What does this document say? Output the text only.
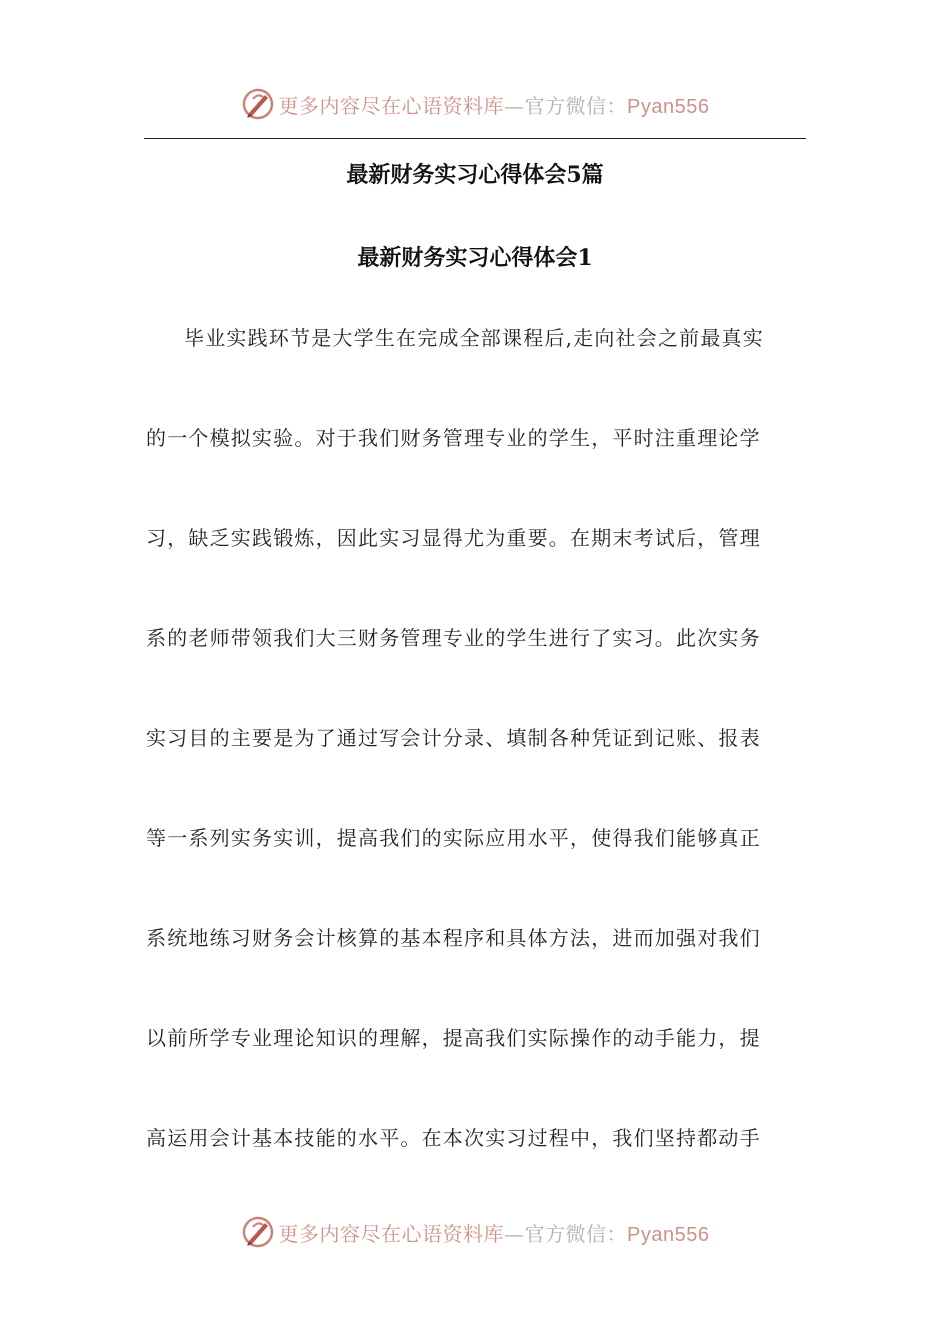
更多内容尽在心语资料库—官方微信：Pyan556
最新财务实习心得体会5篇
最新财务实习心得体会1
毕业实践环节是大学生在完成全部课程后,走向社会之前最真实
的一个模拟实验。对于我们财务管理专业的学生，平时注重理论学
习，缺乏实践锻炼，因此实习显得尤为重要。在期末考试后，管理
系的老师带领我们大三财务管理专业的学生进行了实习。此次实务
实习目的主要是为了通过写会计分录、填制各种凭证到记账、报表
等一系列实务实训，提高我们的实际应用水平，使得我们能够真正
系统地练习财务会计核算的基本程序和具体方法，进而加强对我们
以前所学专业理论知识的理解，提高我们实际操作的动手能力，提
高运用会计基本技能的水平。在本次实习过程中，我们坚持都动手
更多内容尽在心语资料库—官方微信：Pyan556
